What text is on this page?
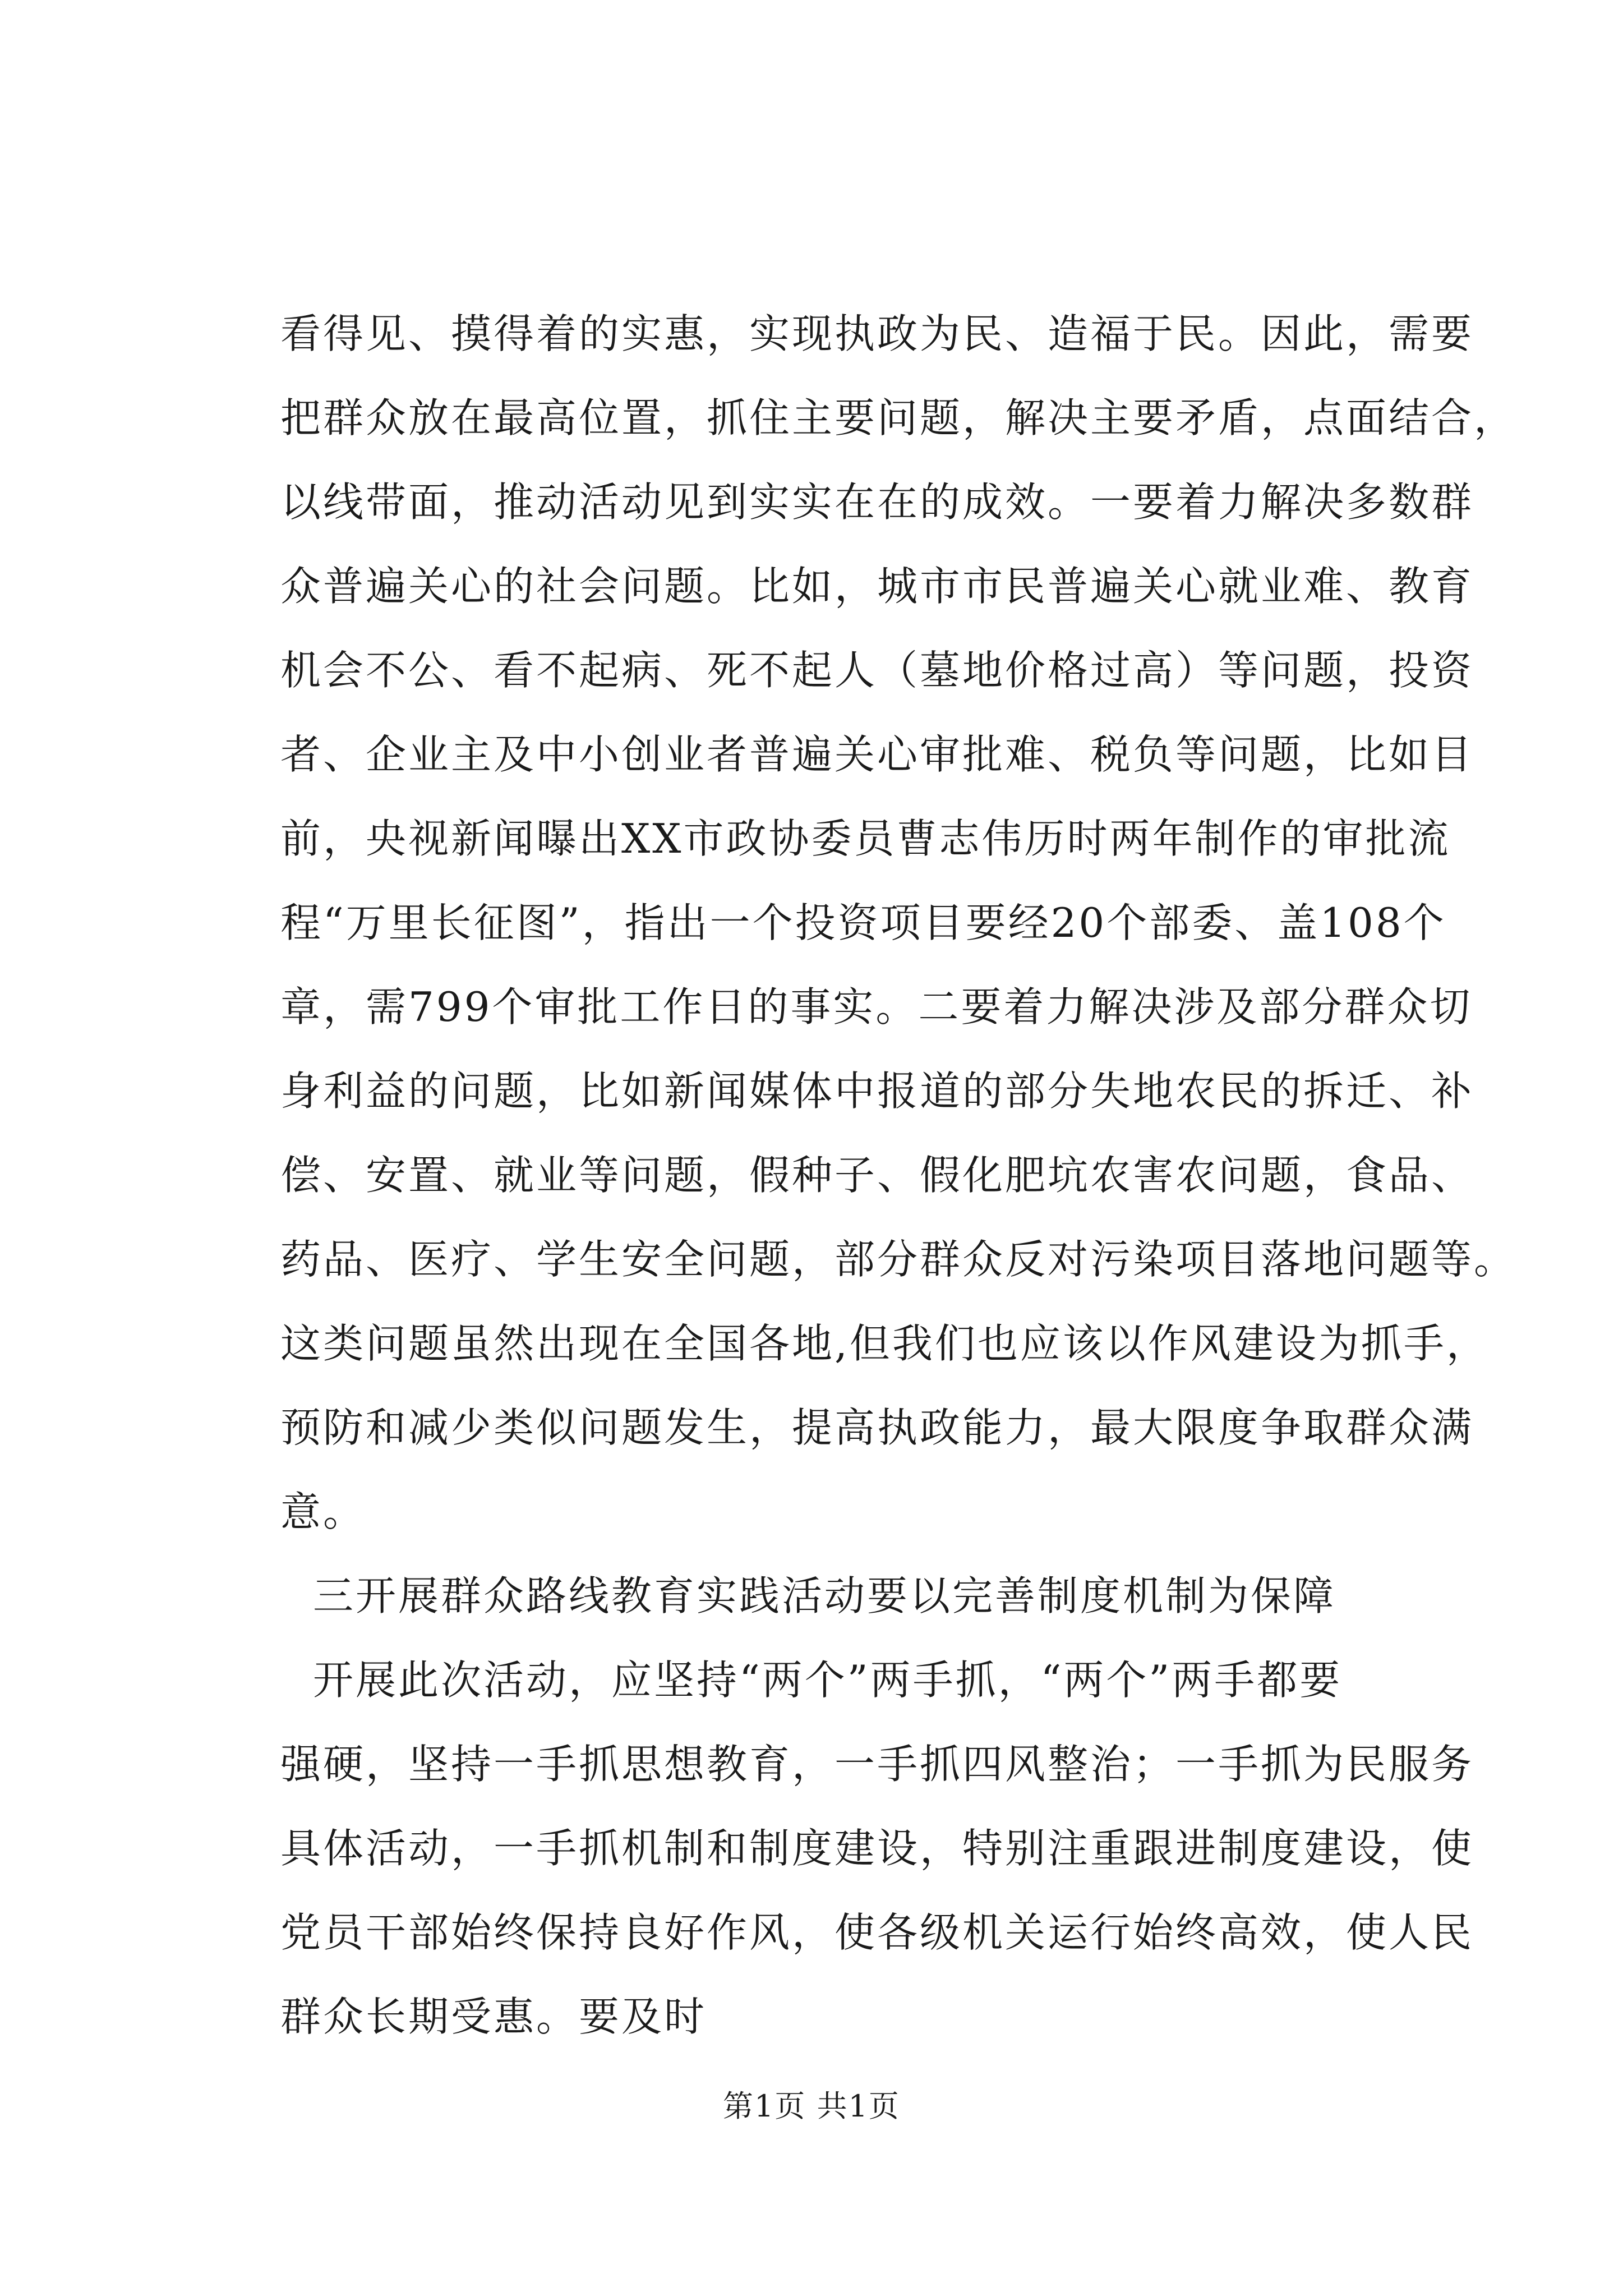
看得见、摸得着的实惠，实现执政为民、造福于民。因此，需要
把群众放在最高位置，抓住主要问题，解决主要矛盾，点面结合，
以线带面，推动活动见到实实在在的成效。一要着力解决多数群
众普遍关心的社会问题。比如，城市市民普遍关心就业难、教育
机会不公、看不起病、死不起人（墓地价格过高）等问题，投资
者、企业主及中小创业者普遍关心审批难、税负等问题，比如目
前，央视新闻曝出XX市政协委员曹志伟历时两年制作的审批流
程“万里长征图”，指出一个投资项目要经20个部委、盖108个
章，需799个审批工作日的事实。二要着力解决涉及部分群众切
身利益的问题，比如新闻媒体中报道的部分失地农民的拆迁、补
偿、安置、就业等问题，假种子、假化肥坑农害农问题，食品、
药品、医疗、学生安全问题，部分群众反对污染项目落地问题等。
这类问题虽然出现在全国各地,但我们也应该以作风建设为抓手，
预防和减少类似问题发生，提高执政能力，最大限度争取群众满
意。
三开展群众路线教育实践活动要以完善制度机制为保障
开展此次活动，应坚持“两个”两手抓，“两个”两手都要
强硬，坚持一手抓思想教育，一手抓四风整治；一手抓为民服务
具体活动，一手抓机制和制度建设，特别注重跟进制度建设，使
党员干部始终保持良好作风，使各级机关运行始终高效，使人民
群众长期受惠。要及时
第1页 共1页
